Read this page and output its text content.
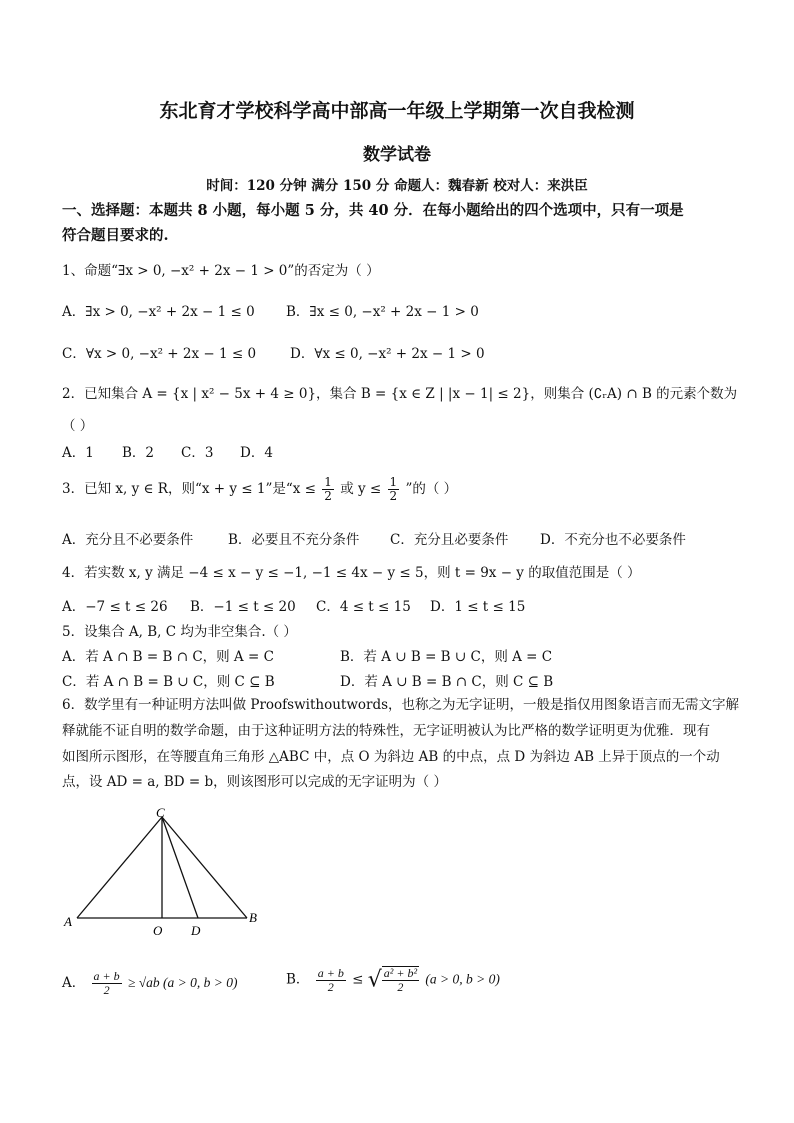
东北育才学校科学高中部高一年级上学期第一次自我检测
数学试卷
时间：120 分钟 满分 150 分 命题人：魏春新 校对人：来洪臣
一、选择题：本题共 8 小题，每小题 5 分，共 40 分．在每小题给出的四个选项中，只有一项是
符合题目要求的.
1、命题“∃x > 0, −x² + 2x − 1 > 0”的否定为（ ）
A．∃x > 0, −x² + 2x − 1 ≤ 0 B．∃x ≤ 0, −x² + 2x − 1 > 0
C．∀x > 0, −x² + 2x − 1 ≤ 0	D．∀x ≤ 0, −x² + 2x − 1 > 0
2．已知集合 A = {x | x² − 5x + 4 ≥ 0}，集合 B = {x ∈ Z | |x − 1| ≤ 2}，则集合 (∁ᵣA) ∩ B 的元素个数为
（ ）
A．1 B．2 C．3 D．4
3．已知 x, y ∈ R，则“x + y ≤ 1”是“$x \le \frac{1}{2}$ 或 $y \le \frac{1}{2}$ ”的（ ）
A．充分且不必要条件	B．必要且不充分条件 C．充分且必要条件 D．不充分也不必要条件
4．若实数 x, y 满足 −4 ≤ x − y ≤ −1, −1 ≤ 4x − y ≤ 5，则 t = 9x − y 的取值范围是（ ）
A．−7 ≤ t ≤ 26 B．−1 ≤ t ≤ 20 C．4 ≤ t ≤ 15 D．1 ≤ t ≤ 15
5．设集合 A, B, C 均为非空集合.（ ）
A．若 A ∩ B = B ∩ C，则 A = C	B．若 A ∪ B = B ∪ C，则 A = C
C．若 A ∩ B = B ∪ C，则 C ⊆ B	D．若 A ∪ B = B ∩ C，则 C ⊆ B
6．数学里有一种证明方法叫做 Proofswithoutwords，也称之为无字证明，一般是指仅用图象语言而无需文字解
释就能不证自明的数学命题，由于这种证明方法的特殊性，无字证明被认为比严格的数学证明更为优雅．现有
如图所示图形，在等腰直角三角形 △ABC 中，点 O 为斜边 AB 的中点，点 D 为斜边 AB 上异于顶点的一个动
点，设 AD = a, BD = b，则该图形可以完成的无字证明为（ ）
C
A	B
O D
A． $\frac{a + b}{2} \ge √ab$ (a > 0, b > 0)	B． $\frac{a + b}{2}$ ≤ √ $\frac{\text{a² + b²}}{2} (a > 0$, b > 0)
